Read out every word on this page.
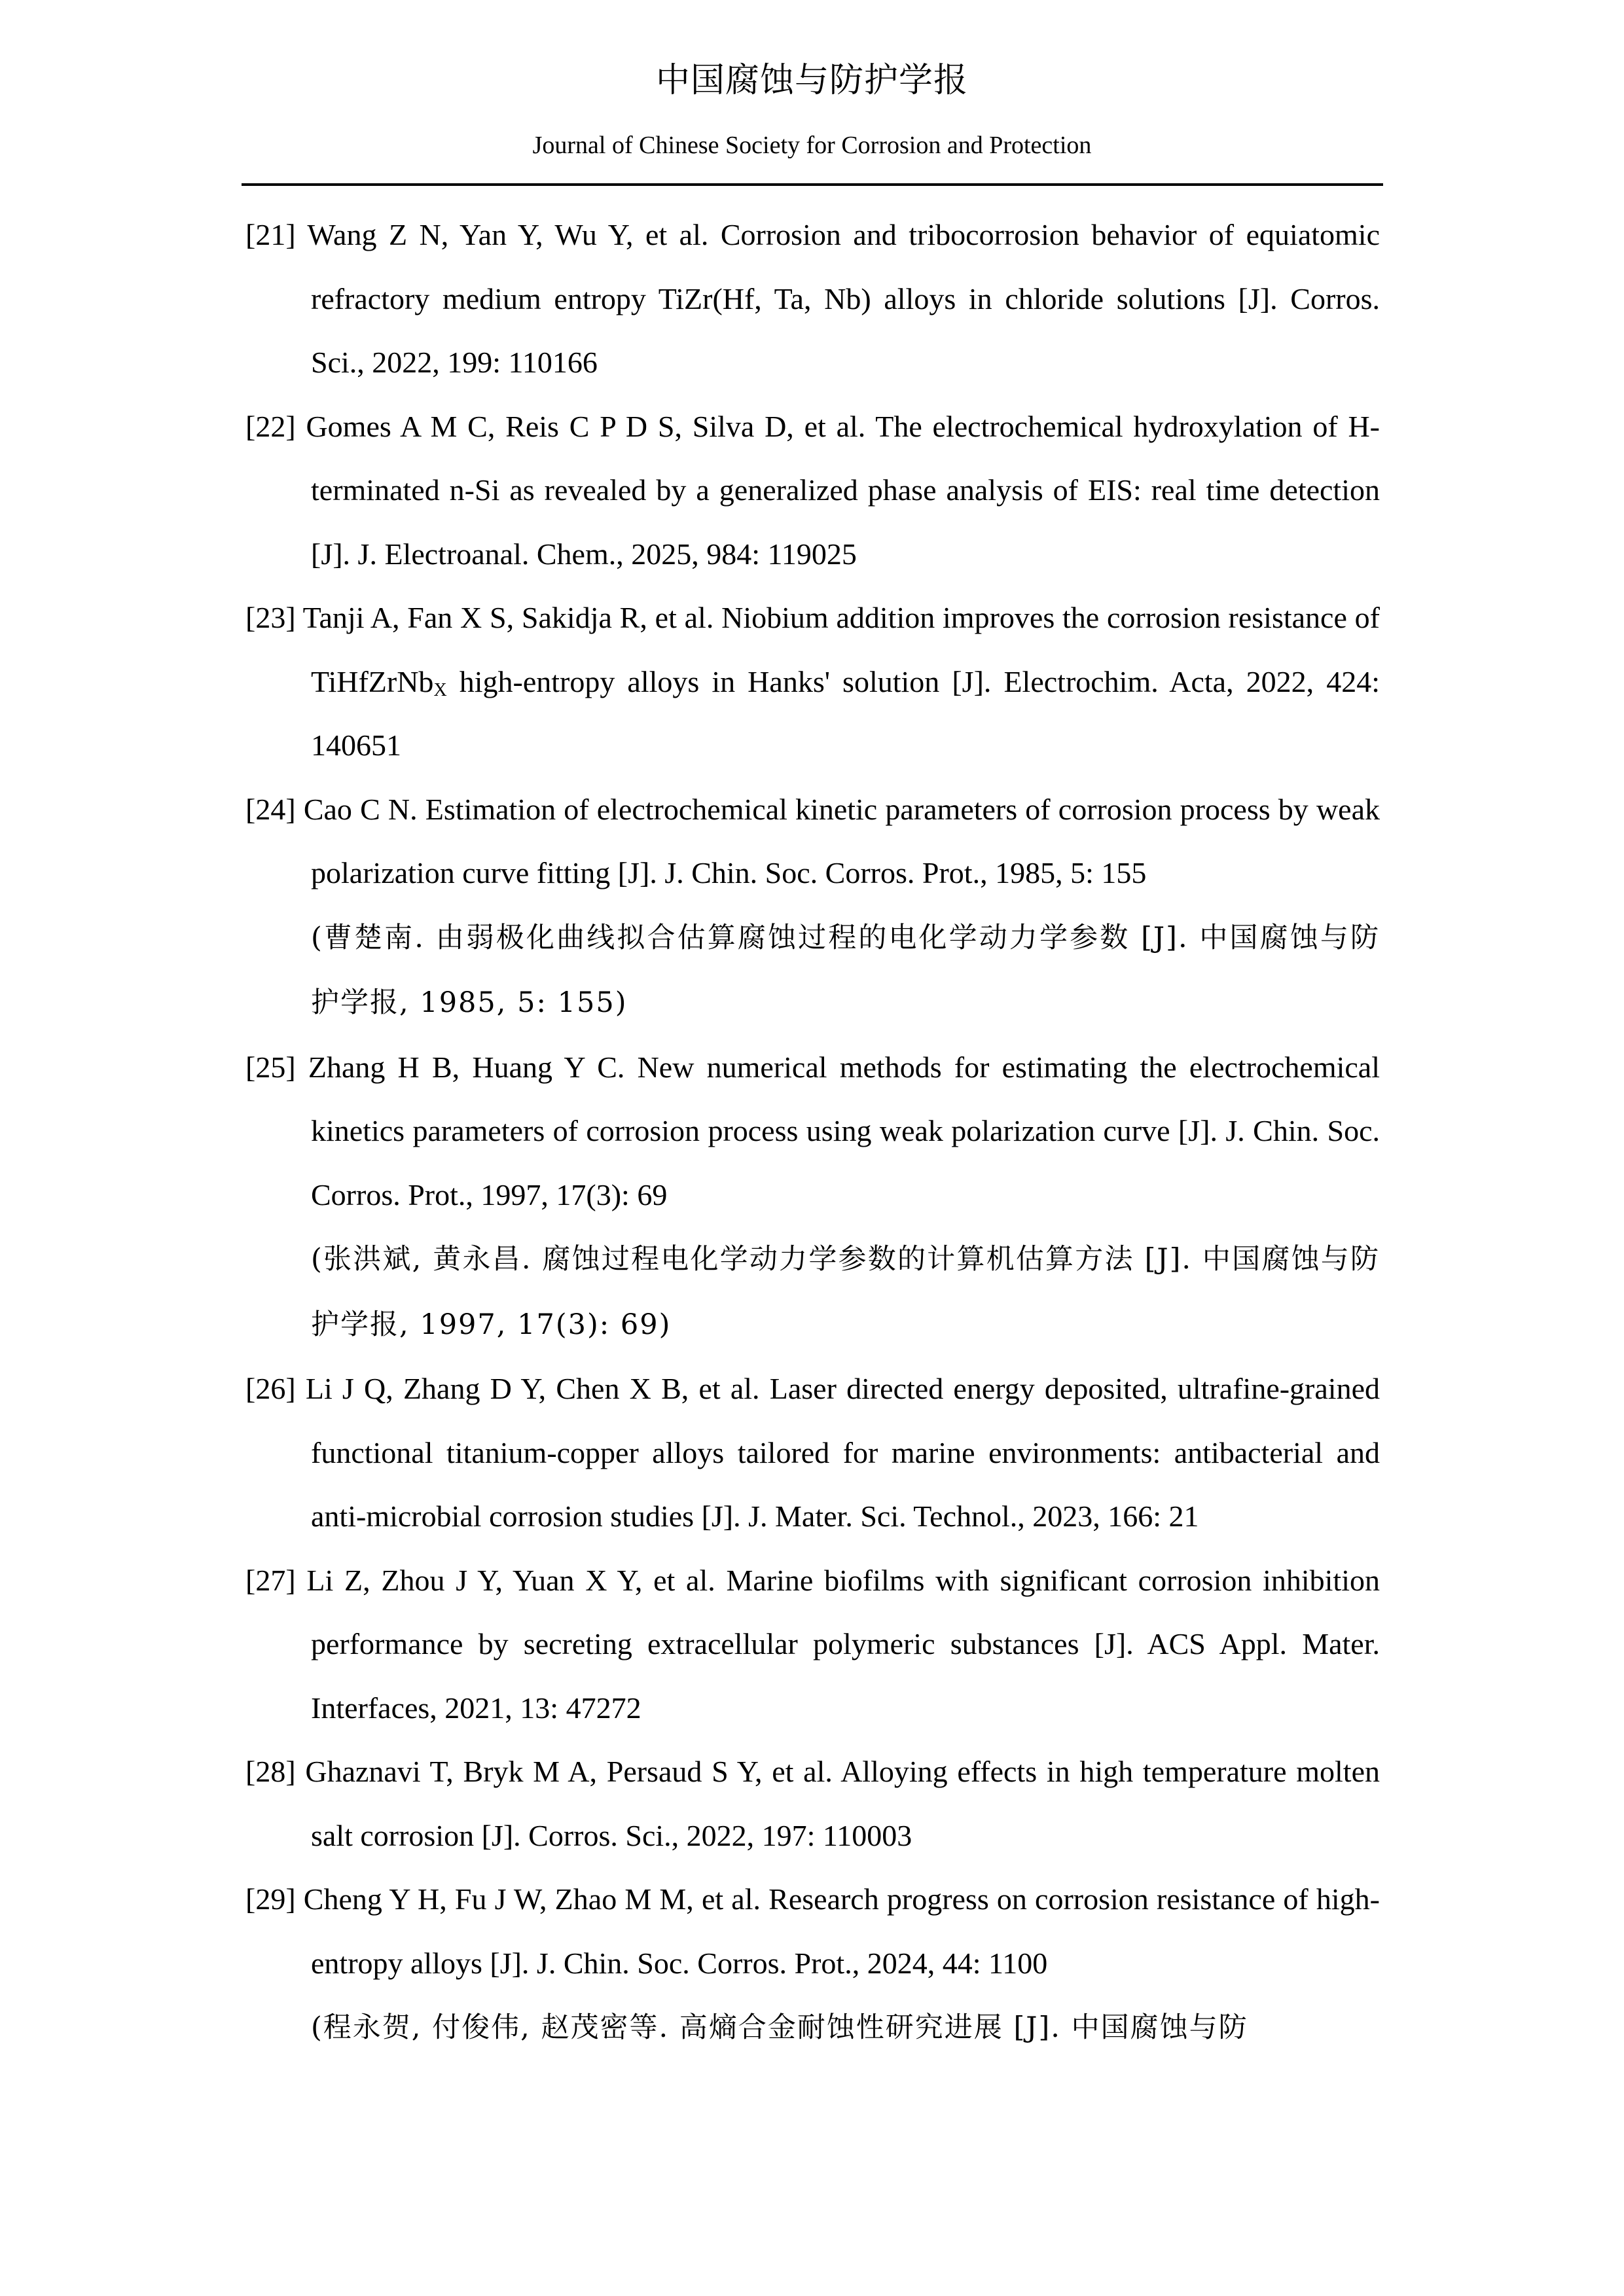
中国腐蚀与防护学报
Journal of Chinese Society for Corrosion and Protection

[21] Wang Z N, Yan Y, Wu Y, et al. Corrosion and tribocorrosion behavior of equiatomic refractory medium entropy TiZr(Hf, Ta, Nb) alloys in chloride solutions [J]. Corros. Sci., 2022, 199: 110166

[22] Gomes A M C, Reis C P D S, Silva D, et al. The electrochemical hydroxylation of H-terminated n-Si as revealed by a generalized phase analysis of EIS: real time detection [J]. J. Electroanal. Chem., 2025, 984: 119025

[23] Tanji A, Fan X S, Sakidja R, et al. Niobium addition improves the corrosion resistance of TiHfZrNb$_X$ high-entropy alloys in Hanks' solution [J]. Electrochim. Acta, 2022, 424: 140651

[24] Cao C N. Estimation of electrochemical kinetic parameters of corrosion process by weak polarization curve fitting [J]. J. Chin. Soc. Corros. Prot., 1985, 5: 155
(曹楚南. 由弱极化曲线拟合估算腐蚀过程的电化学动力学参数 [J]. 中国腐蚀与防护学报, 1985, 5: 155)

[25] Zhang H B, Huang Y C. New numerical methods for estimating the electrochemical kinetics parameters of corrosion process using weak polarization curve [J]. J. Chin. Soc. Corros. Prot., 1997, 17(3): 69
(张洪斌, 黄永昌. 腐蚀过程电化学动力学参数的计算机估算方法 [J]. 中国腐蚀与防护学报, 1997, 17(3): 69)

[26] Li J Q, Zhang D Y, Chen X B, et al. Laser directed energy deposited, ultrafine-grained functional titanium-copper alloys tailored for marine environments: antibacterial and anti-microbial corrosion studies [J]. J. Mater. Sci. Technol., 2023, 166: 21

[27] Li Z, Zhou J Y, Yuan X Y, et al. Marine biofilms with significant corrosion inhibition performance by secreting extracellular polymeric substances [J]. ACS Appl. Mater. Interfaces, 2021, 13: 47272

[28] Ghaznavi T, Bryk M A, Persaud S Y, et al. Alloying effects in high temperature molten salt corrosion [J]. Corros. Sci., 2022, 197: 110003

[29] Cheng Y H, Fu J W, Zhao M M, et al. Research progress on corrosion resistance of high-entropy alloys [J]. J. Chin. Soc. Corros. Prot., 2024, 44: 1100
(程永贺, 付俊伟, 赵茂密等. 高熵合金耐蚀性研究进展 [J]. 中国腐蚀与防
